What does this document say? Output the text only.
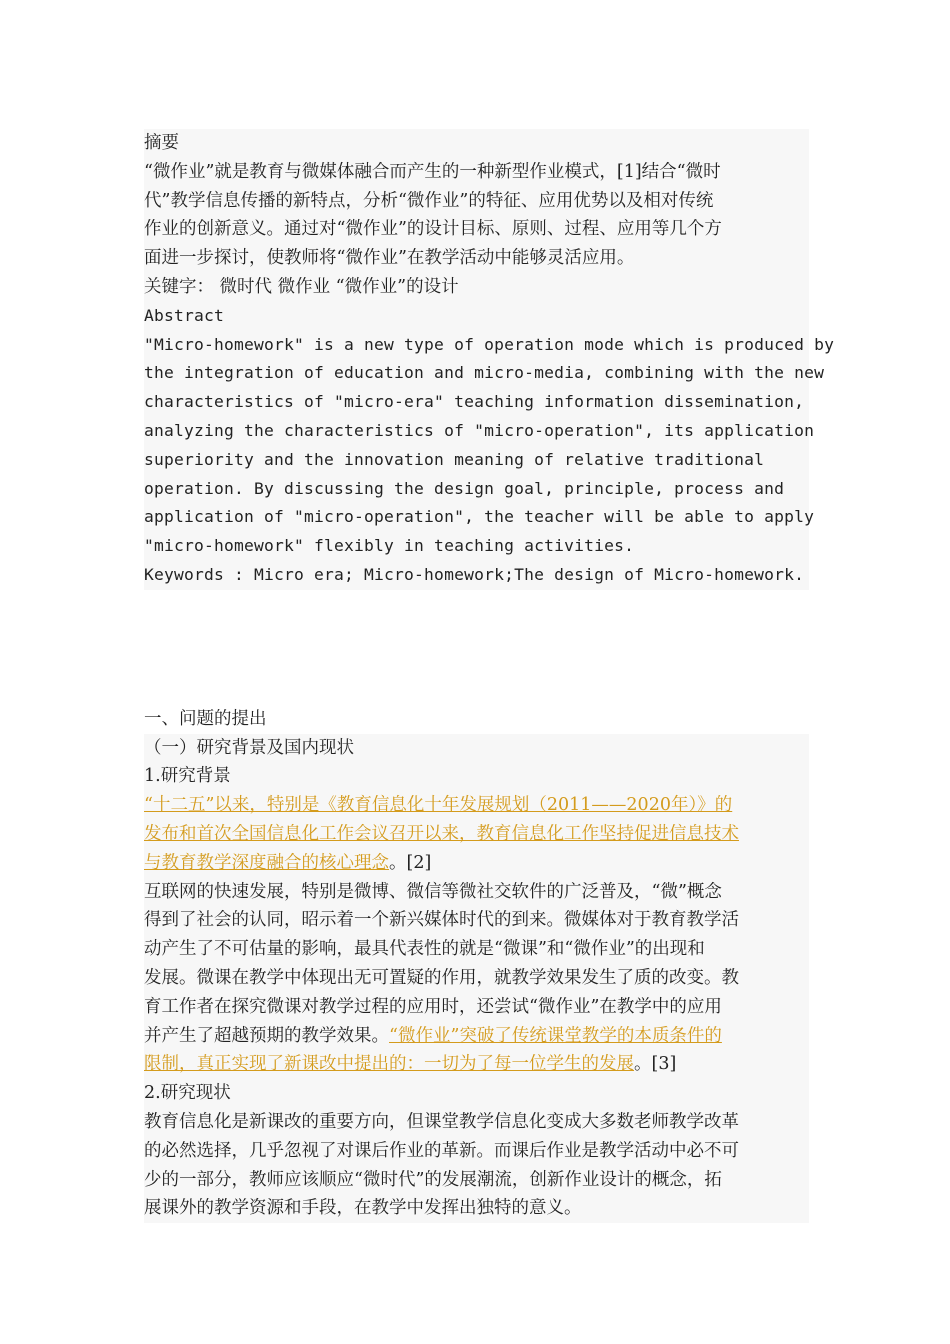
摘要
“微作业”就是教育与微媒体融合而产生的一种新型作业模式，[1]结合“微时
代”教学信息传播的新特点，分析“微作业”的特征、应用优势以及相对传统
作业的创新意义。通过对“微作业”的设计目标、原则、过程、应用等几个方
面进一步探讨，使教师将“微作业”在教学活动中能够灵活应用。
关键字： 微时代 微作业 “微作业”的设计
Abstract
"Micro-homework" is a new type of operation mode which is produced by
the integration of education and micro-media, combining with the new
characteristics of "micro-era" teaching information dissemination,
analyzing the characteristics of "micro-operation", its application
superiority and the innovation meaning of relative traditional
operation. By discussing the design goal, principle, process and
application of "micro-operation", the teacher will be able to apply
"micro-homework" flexibly in teaching activities.
Keywords : Micro era; Micro-homework;The design of Micro-homework.
一、问题的提出
（一）研究背景及国内现状
1.研究背景
“十二五”以来，特别是《教育信息化十年发展规划（2011——2020年）》的
发布和首次全国信息化工作会议召开以来，教育信息化工作坚持促进信息技术
与教育教学深度融合的核心理念。[2]
互联网的快速发展，特别是微博、微信等微社交软件的广泛普及，“微”概念
得到了社会的认同，昭示着一个新兴媒体时代的到来。微媒体对于教育教学活
动产生了不可估量的影响，最具代表性的就是“微课”和“微作业”的出现和
发展。微课在教学中体现出无可置疑的作用，就教学效果发生了质的改变。教
育工作者在探究微课对教学过程的应用时，还尝试“微作业”在教学中的应用
并产生了超越预期的教学效果。“微作业”突破了传统课堂教学的本质条件的
限制，真正实现了新课改中提出的：一切为了每一位学生的发展。[3]
2.研究现状
教育信息化是新课改的重要方向，但课堂教学信息化变成大多数老师教学改革
的必然选择，几乎忽视了对课后作业的革新。而课后作业是教学活动中必不可
少的一部分，教师应该顺应“微时代”的发展潮流，创新作业设计的概念，拓
展课外的教学资源和手段，在教学中发挥出独特的意义。
